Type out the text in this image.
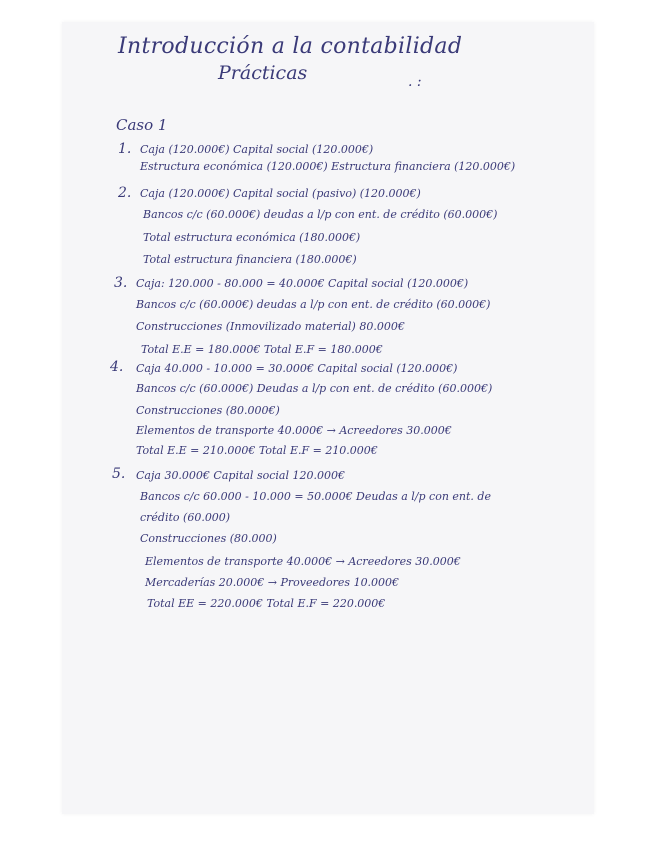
Introducción a la contabilidad
Prácticas	. :
Caso 1
1. Caja (120.000€) Capital social (120.000€)
Estructura económica (120.000€) Estructura financiera (120.000€)
2. Caja (120.000€) Capital social (pasivo) (120.000€)
Bancos c/c (60.000€) deudas a l/p con ent. de crédito (60.000€)
Total estructura económica (180.000€)
Total estructura financiera (180.000€)
3. Caja: 120.000 - 80.000 = 40.000€ Capital social (120.000€)
Bancos c/c (60.000€) deudas a l/p con ent. de crédito (60.000€)
Construcciones (Inmovilizado material) 80.000€
Total E.E = 180.000€ Total E.F = 180.000€
4. Caja 40.000 - 10.000 = 30.000€ Capital social (120.000€)
Bancos c/c (60.000€) Deudas a l/p con ent. de crédito (60.000€)
Construcciones (80.000€)
Elementos de transporte 40.000€ → Acreedores 30.000€
Total E.E = 210.000€ Total E.F = 210.000€
5. Caja 30.000€ Capital social 120.000€
Bancos c/c 60.000 - 10.000 = 50.000€ Deudas a l/p con ent. de
crédito (60.000)
Construcciones (80.000)
Elementos de transporte 40.000€ → Acreedores 30.000€
Mercaderías 20.000€ → Proveedores 10.000€
Total EE = 220.000€ Total E.F = 220.000€
